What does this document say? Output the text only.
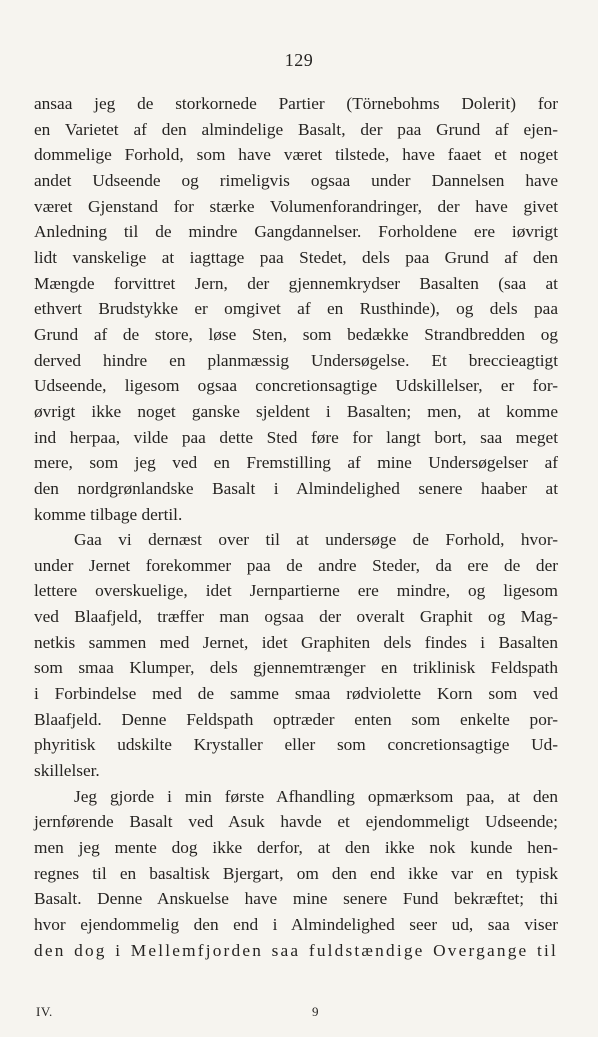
129
ansaa jeg de storkornede Partier (Törnebohms Dolerit) for
en Varietet af den almindelige Basalt, der paa Grund af ejen-
dommelige Forhold, som have været tilstede, have faaet et noget
andet Udseende og rimeligvis ogsaa under Dannelsen have
været Gjenstand for stærke Volumenforandringer, der have givet
Anledning til de mindre Gangdannelser. Forholdene ere iøvrigt
lidt vanskelige at iagttage paa Stedet, dels paa Grund af den
Mængde forvittret Jern, der gjennemkrydser Basalten (saa at
ethvert Brudstykke er omgivet af en Rusthinde), og dels paa
Grund af de store, løse Sten, som bedække Strandbredden og
derved hindre en planmæssig Undersøgelse. Et breccieagtigt
Udseende, ligesom ogsaa concretionsagtige Udskillelser, er for-
øvrigt ikke noget ganske sjeldent i Basalten; men, at komme
ind herpaa, vilde paa dette Sted føre for langt bort, saa meget
mere, som jeg ved en Fremstilling af mine Undersøgelser af
den nordgrønlandske Basalt i Almindelighed senere haaber at
komme tilbage dertil.
Gaa vi dernæst over til at undersøge de Forhold, hvor-
under Jernet forekommer paa de andre Steder, da ere de der
lettere overskuelige, idet Jernpartierne ere mindre, og ligesom
ved Blaafjeld, træffer man ogsaa der overalt Graphit og Mag-
netkis sammen med Jernet, idet Graphiten dels findes i Basalten
som smaa Klumper, dels gjennemtrænger en triklinisk Feldspath
i Forbindelse med de samme smaa rødviolette Korn som ved
Blaafjeld. Denne Feldspath optræder enten som enkelte por-
phyritisk udskilte Krystaller eller som concretionsagtige Ud-
skillelser.
Jeg gjorde i min første Afhandling opmærksom paa, at den
jernførende Basalt ved Asuk havde et ejendommeligt Udseende;
men jeg mente dog ikke derfor, at den ikke nok kunde hen-
regnes til en basaltisk Bjergart, om den end ikke var en typisk
Basalt. Denne Anskuelse have mine senere Fund bekræftet; thi
hvor ejendommelig den end i Almindelighed seer ud, saa viser
den dog i Mellemfjorden saa fuldstændige Overgange til
IV.	9
